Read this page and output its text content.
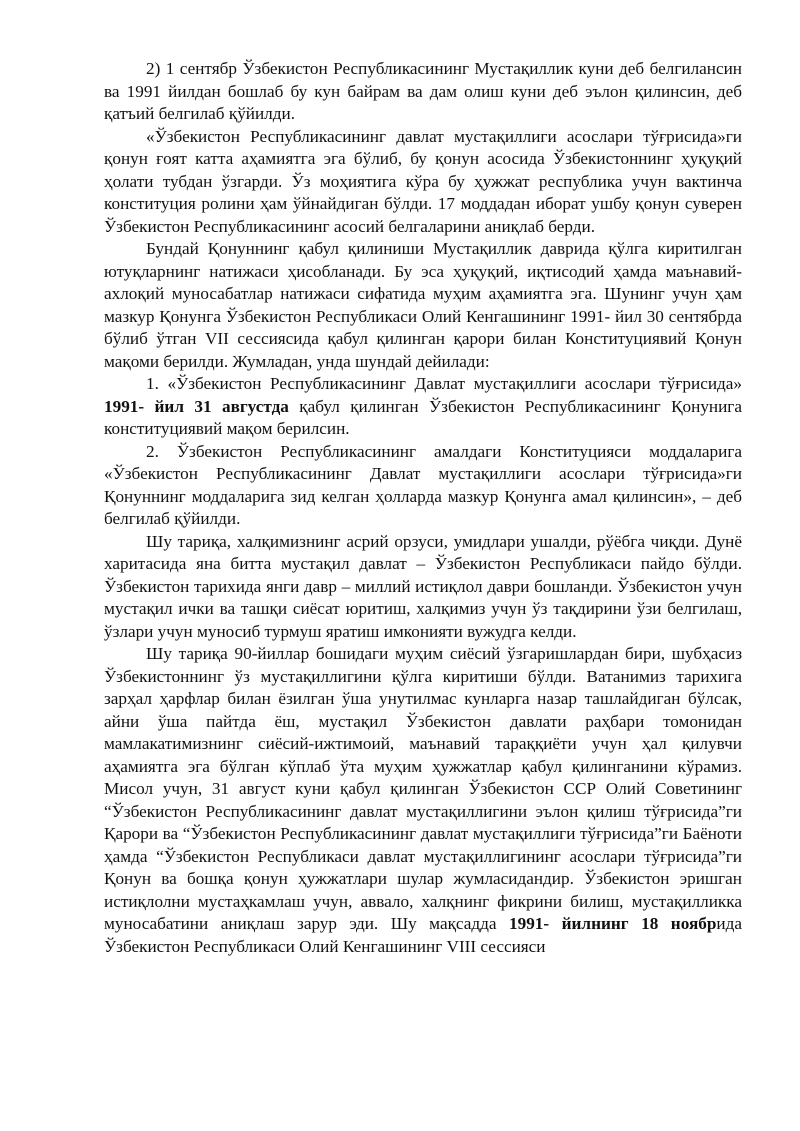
2) 1 сентябр Ўзбекистон Республикасининг Мустақиллик куни деб белгилансин ва 1991 йилдан бошлаб бу кун байрам ва дам олиш куни деб эълон қилинсин, деб қатъий белгилаб қўйилди.

«Ўзбекистон Республикасининг давлат мустақиллиги асослари тўғрисида»ги қонун ғоят катта аҳамиятга эга бўлиб, бу қонун асосида Ўзбекистоннинг ҳуқуқий ҳолати тубдан ўзгарди. Ўз моҳиятига кўра бу ҳужжат республика учун вактинча конституция ролини ҳам ўйнайдиган бўлди. 17 моддадан иборат ушбу қонун суверен Ўзбекистон Республикасининг асосий белгаларини аниқлаб берди.

Бундай Қонуннинг қабул қилиниши Мустақиллик даврида қўлга киритилган ютуқларнинг натижаси ҳисобланади. Бу эса ҳуқуқий, иқтисодий ҳамда маънавий-ахлоқий муносабатлар натижаси сифатида муҳим аҳамиятга эга. Шунинг учун ҳам мазкур Қонунга Ўзбекистон Республикаси Олий Кенгашининг 1991- йил 30 сентябрда бўлиб ўтган VII сессиясида қабул қилинган қарори билан Конституциявий Қонун мақоми берилди. Жумладан, унда шундай дейилади:

1. «Ўзбекистон Республикасининг Давлат мустақиллиги асослари тўғрисида» 1991- йил 31 августда қабул қилинган Ўзбекистон Республикасининг Қонунига конституциявий мақом берилсин.

2. Ўзбекистон Республикасининг амалдаги Конституцияси моддаларига «Ўзбекистон Республикасининг Давлат мустақиллиги асослари тўғрисида»ги Қонуннинг моддаларига зид келган ҳолларда мазкур Қонунга амал қилинсин», – деб белгилаб қўйилди.

Шу тариқа, халқимизнинг асрий орзуси, умидлари ушалди, рўёбга чиқди. Дунё харитасида яна битта мустақил давлат – Ўзбекистон Республикаси пайдо бўлди. Ўзбекистон тарихида янги давр – миллий истиқлол даври бошланди. Ўзбекистон учун мустақил ички ва ташқи сиёсат юритиш, халқимиз учун ўз тақдирини ўзи белгилаш, ўзлари учун муносиб турмуш яратиш имконияти вужудга келди.

Шу тариқа 90-йиллар бошидаги муҳим сиёсий ўзгаришлардан бири, шубҳасиз Ўзбекистоннинг ўз мустақиллигини қўлга киритиши бўлди. Ватанимиз тарихига зарҳал ҳарфлар билан ёзилган ўша унутилмас кунларга назар ташлайдиган бўлсак, айни ўша пайтда ёш, мустақил Ўзбекистон давлати раҳбари томонидан мамлакатимизнинг сиёсий-ижтимоий, маънавий тараққиёти учун ҳал қилувчи аҳамиятга эга бўлган кўплаб ўта муҳим ҳужжатлар қабул қилинганини кўрамиз. Мисол учун, 31 август куни қабул қилинган Ўзбекистон ССР Олий Советининг “Ўзбекистон Республикасининг давлат мустақиллигини эълон қилиш тўғрисида”ги Қарори ва “Ўзбекистон Республикасининг давлат мустақиллиги тўғрисида”ги Баёноти ҳамда “Ўзбекистон Республикаси давлат мустақиллигининг асослари тўғрисида”ги Қонун ва бошқа қонун ҳужжатлари шулар жумласидандир. Ўзбекистон эришган истиқлолни мустаҳкамлаш учун, аввало, халқнинг фикрини билиш, мустақилликка муносабатини аниқлаш зарур эди. Шу мақсадда 1991- йилнинг 18 ноябрида Ўзбекистон Республикаси Олий Кенгашининг VIII сессияси
